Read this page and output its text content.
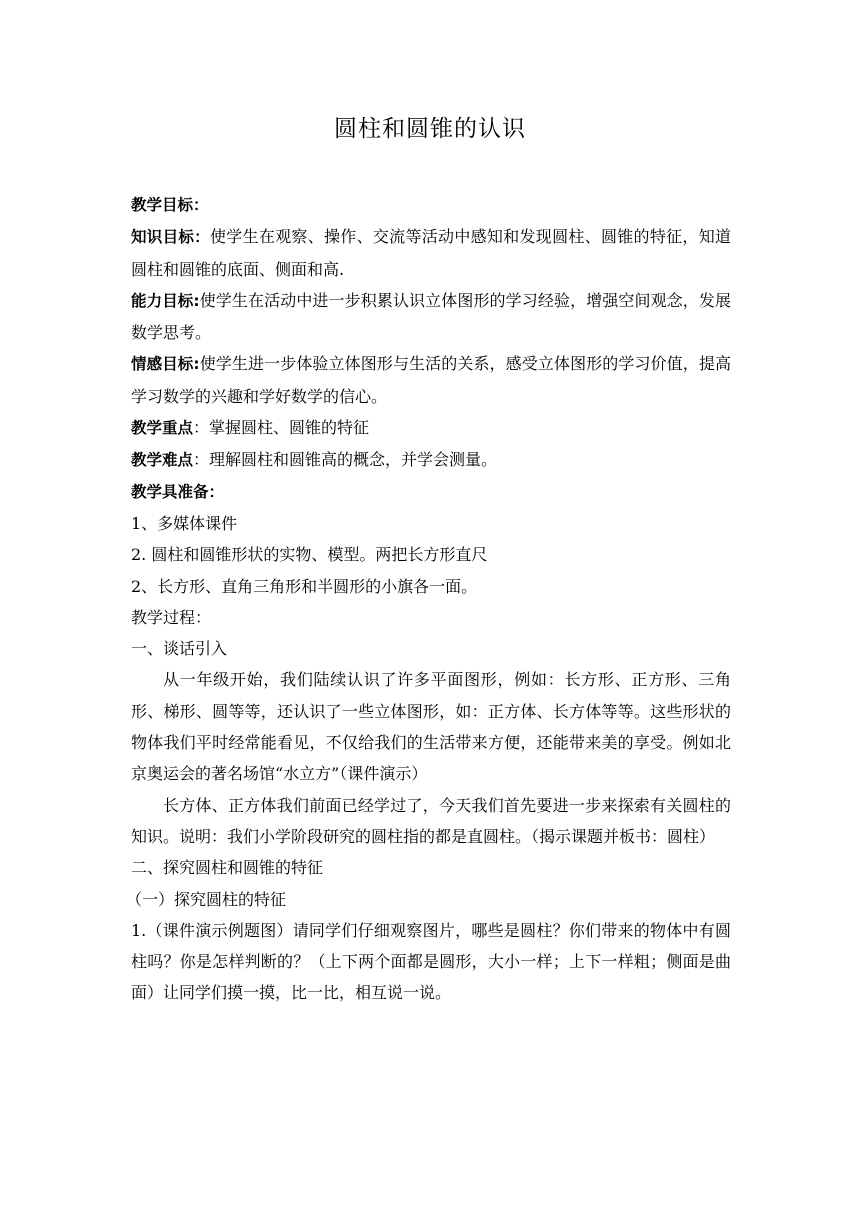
圆柱和圆锥的认识

教学目标：

知识目标：使学生在观察、操作、交流等活动中感知和发现圆柱、圆锥的特征，知道圆柱和圆锥的底面、侧面和高.

能力目标:使学生在活动中进一步积累认识立体图形的学习经验，增强空间观念，发展数学思考。

情感目标:使学生进一步体验立体图形与生活的关系，感受立体图形的学习价值，提高学习数学的兴趣和学好数学的信心。

教学重点：掌握圆柱、圆锥的特征

教学难点：理解圆柱和圆锥高的概念，并学会测量。

教学具准备：

1、多媒体课件

2. 圆柱和圆锥形状的实物、模型。两把长方形直尺

2、长方形、直角三角形和半圆形的小旗各一面。

教学过程：

一、谈话引入

从一年级开始，我们陆续认识了许多平面图形，例如：长方形、正方形、三角形、梯形、圆等等，还认识了一些立体图形，如：正方体、长方体等等。这些形状的物体我们平时经常能看见，不仅给我们的生活带来方便，还能带来美的享受。例如北京奥运会的著名场馆“水立方”（课件演示）

长方体、正方体我们前面已经学过了，今天我们首先要进一步来探索有关圆柱的知识。说明：我们小学阶段研究的圆柱指的都是直圆柱。（揭示课题并板书：圆柱）

二、探究圆柱和圆锥的特征

（一）探究圆柱的特征

1.（课件演示例题图）请同学们仔细观察图片，哪些是圆柱？你们带来的物体中有圆柱吗？你是怎样判断的？（上下两个面都是圆形，大小一样；上下一样粗；侧面是曲面）让同学们摸一摸，比一比，相互说一说。
